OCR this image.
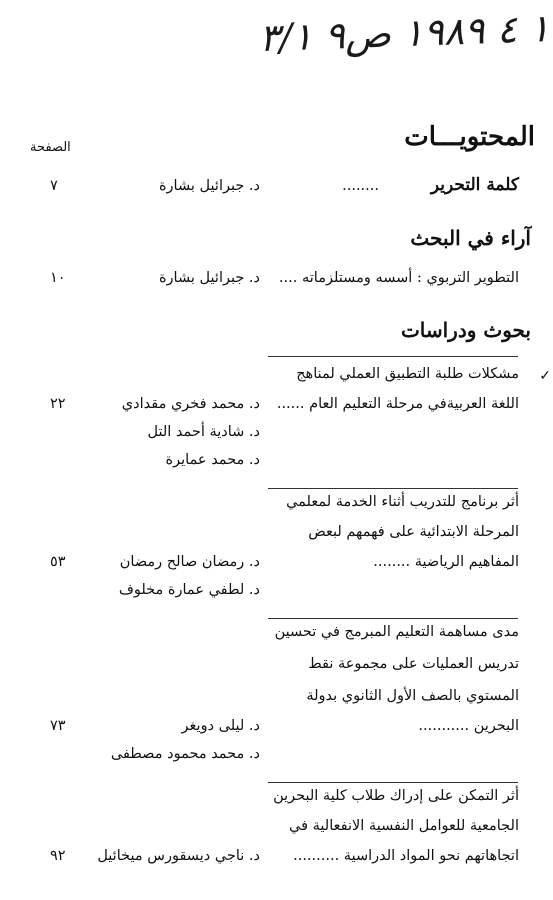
١ ٤ ١٩٨٩ ص٩ ٣/١
المحتويـــات
الصفحة
كلمة التحرير
........
د. جبرائيل بشارة
٧
آراء في البحث
التطوير التربوي : أسسه ومستلزماته ....
د. جبرائيل بشارة
١٠
بحوث ودراسات
✓
مشكلات طلبة التطبيق العملي لمناهج
اللغة العربيةفي مرحلة التعليم العام ......
د. محمد فخري مقدادي
٢٢
د. شادية أحمد التل
د. محمد عمايرة
أثر برنامج للتدريب أثناء الخدمة لمعلمي
المرحلة الابتدائية على فهمهم لبعض
المفاهيم الرياضية ........
د. رمضان صالح رمضان
٥٣
د. لطفي عمارة مخلوف
مدى مساهمة التعليم المبرمج في تحسين
تدريس العمليات على مجموعة نقط
المستوي بالصف الأول الثانوي بدولة
البحرين ...........
د. ليلى دويغر
٧٣
د. محمد محمود مصطفى
أثر التمكن على إدراك طلاب كلية البحرين
الجامعية للعوامل النفسية الانفعالية في
اتجاهاتهم نحو المواد الدراسية ..........
د. ناجي ديسقورس ميخائيل
٩٢
